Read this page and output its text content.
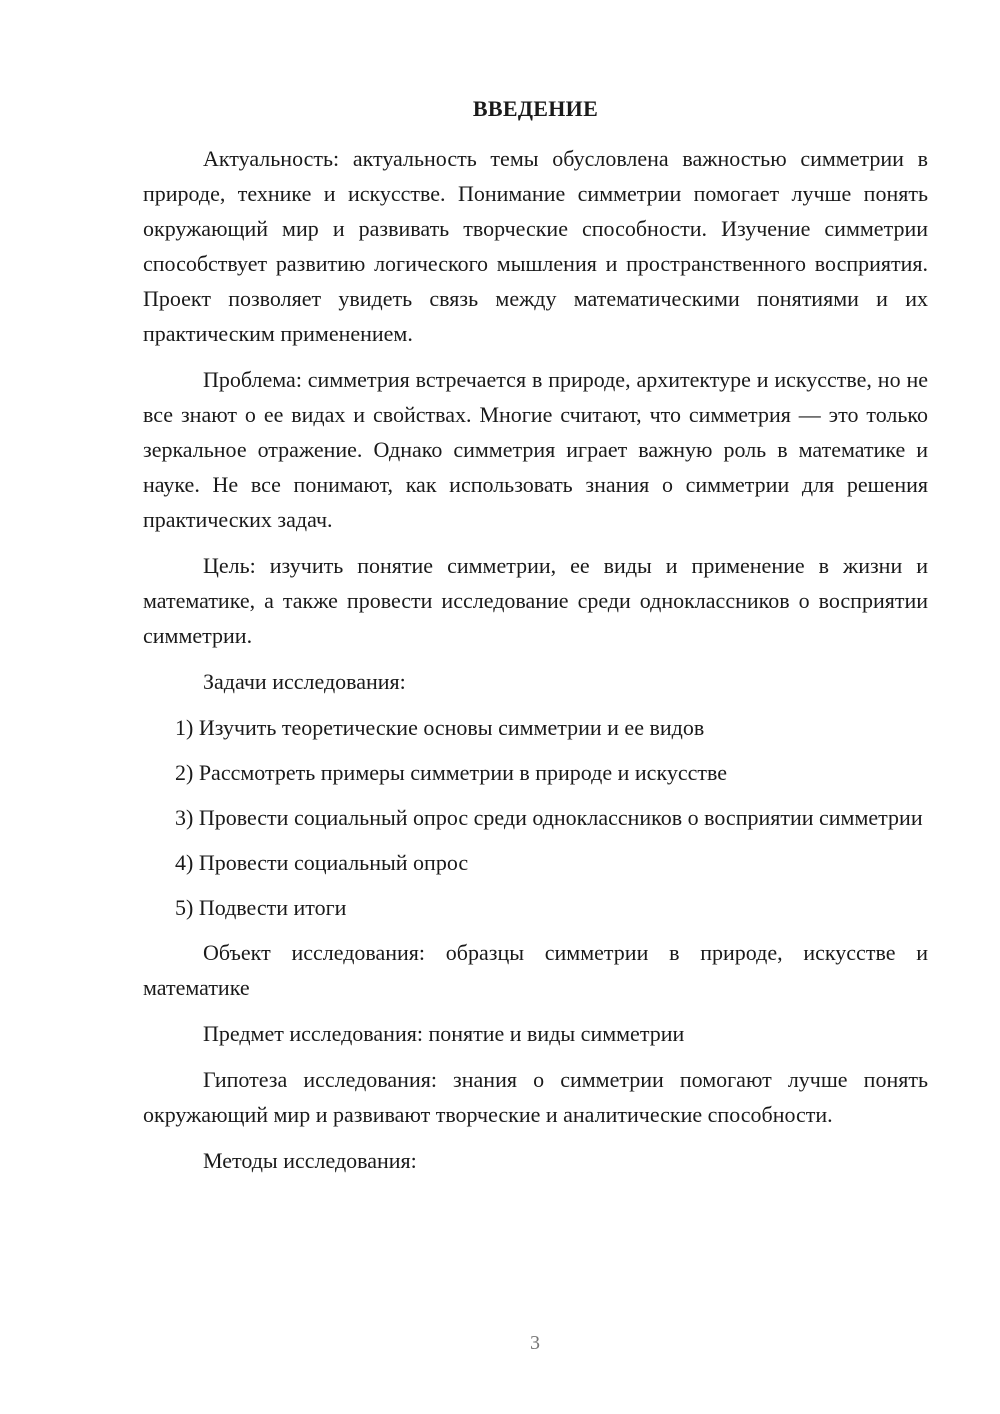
ВВЕДЕНИЕ

Актуальность: актуальность темы обусловлена важностью симметрии в природе, технике и искусстве. Понимание симметрии помогает лучше понять окружающий мир и развивать творческие способности. Изучение симметрии способствует развитию логического мышления и пространственного восприятия. Проект позволяет увидеть связь между математическими понятиями и их практическим применением.

Проблема: симметрия встречается в природе, архитектуре и искусстве, но не все знают о ее видах и свойствах. Многие считают, что симметрия — это только зеркальное отражение. Однако симметрия играет важную роль в математике и науке. Не все понимают, как использовать знания о симметрии для решения практических задач.

Цель: изучить понятие симметрии, ее виды и применение в жизни и математике, а также провести исследование среди одноклассников о восприятии симметрии.

Задачи исследования:

1) Изучить теоретические основы симметрии и ее видов

2) Рассмотреть примеры симметрии в природе и искусстве

3) Провести социальный опрос среди одноклассников о восприятии симметрии

4) Провести социальный опрос

5) Подвести итоги

Объект исследования: образцы симметрии в природе, искусстве и математике

Предмет исследования: понятие и виды симметрии

Гипотеза исследования: знания о симметрии помогают лучше понять окружающий мир и развивают творческие и аналитические способности.

Методы исследования:

3
